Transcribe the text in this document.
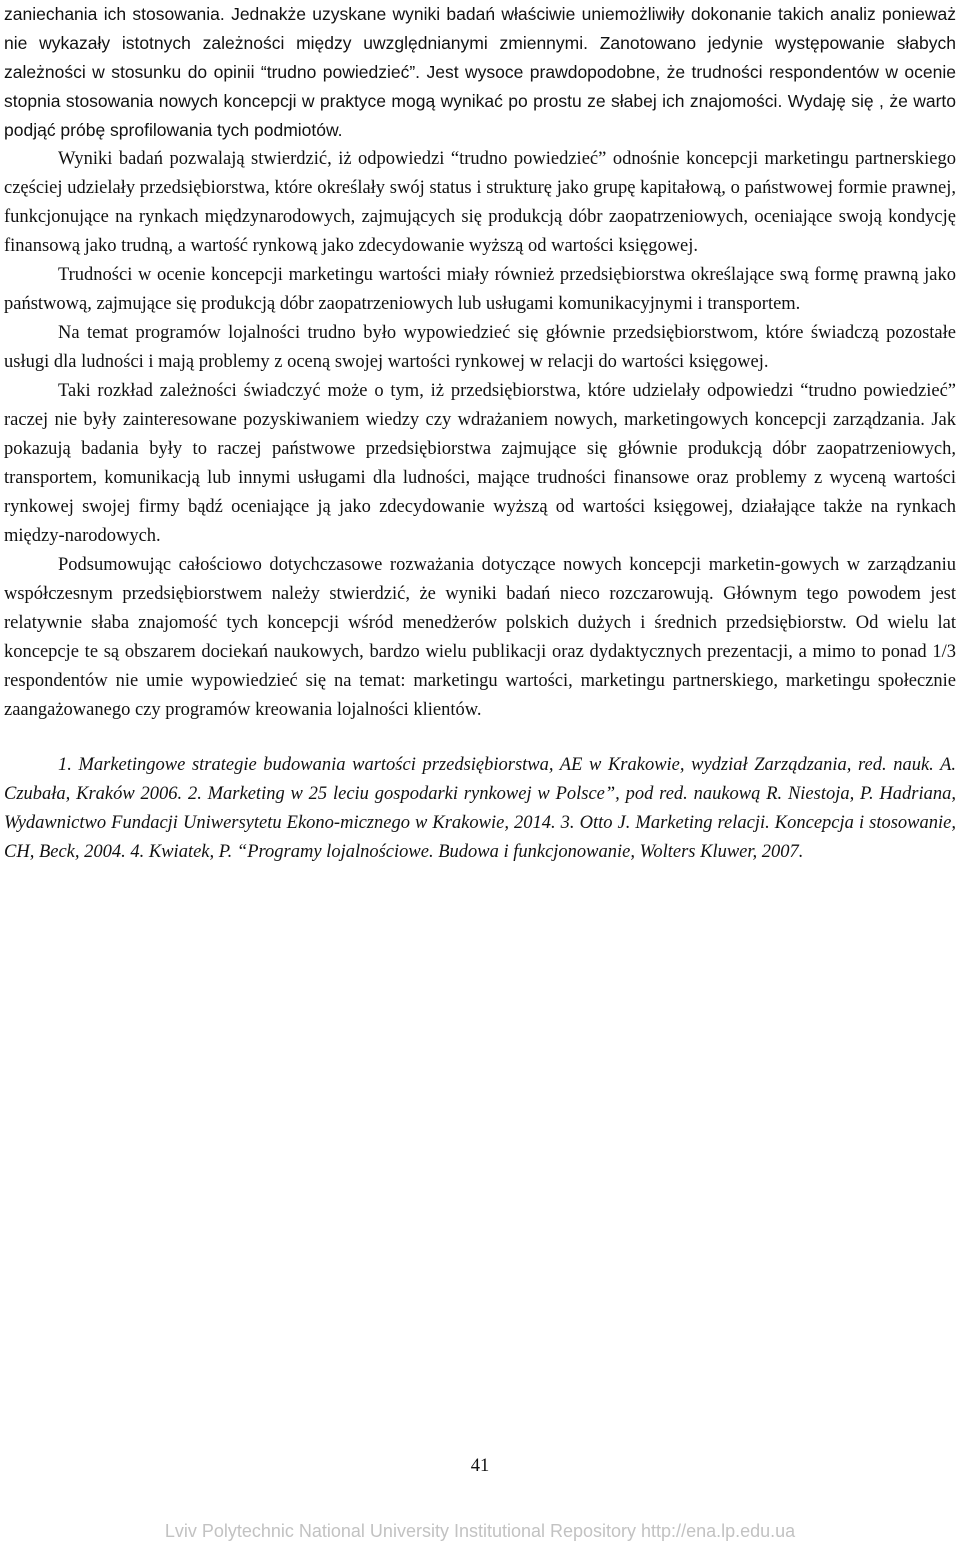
zaniechania ich stosowania. Jednakże uzyskane wyniki badań właściwie uniemożliwiły dokonanie takich analiz ponieważ nie wykazały istotnych zależności między uwzględnianymi zmiennymi. Zanotowano jedynie występowanie słabych zależności w stosunku do opinii “trudno powiedzieć”. Jest wysoce prawdopodobne, że trudności respondentów w ocenie stopnia stosowania nowych koncepcji w praktyce mogą wynikać po prostu ze słabej ich znajomości. Wydaję się , że warto podjąć próbę sprofilowania tych podmiotów.

Wyniki badań pozwalają stwierdzić, iż odpowiedzi “trudno powiedzieć” odnośnie koncepcji marketingu partnerskiego częściej udzielały przedsiębiorstwa, które określały swój status i strukturę jako grupę kapitałową, o państwowej formie prawnej, funkcjonujące na rynkach międzynarodowych, zajmujących się produkcją dóbr zaopatrzeniowych, oceniające swoją kondycję finansową jako trudną, a wartość rynkową jako zdecydowanie wyższą od wartości księgowej.

Trudności w ocenie koncepcji marketingu wartości miały również przedsiębiorstwa określające swą formę prawną jako państwową, zajmujące się produkcją dóbr zaopatrzeniowych lub usługami komunikacyjnymi i transportem.

Na temat programów lojalności trudno było wypowiedzieć się głównie przedsiębiorstwom, które świadczą pozostałe usługi dla ludności i mają problemy z oceną swojej wartości rynkowej w relacji do wartości księgowej.

Taki rozkład zależności świadczyć może o tym, iż przedsiębiorstwa, które udzielały odpowiedzi “trudno powiedzieć” raczej nie były zainteresowane pozyskiwaniem wiedzy czy wdrażaniem nowych, marketingowych koncepcji zarządzania. Jak pokazują badania były to raczej państwowe przedsiębiorstwa zajmujące się głównie produkcją dóbr zaopatrzeniowych, transportem, komunikacją lub innymi usługami dla ludności, mające trudności finansowe oraz problemy z wyceną wartości rynkowej swojej firmy bądź oceniające ją jako zdecydowanie wyższą od wartości księgowej, działające także na rynkach między-narodowych.

Podsumowując całościowo dotychczasowe rozważania dotyczące nowych koncepcji marketin-gowych w zarządzaniu współczesnym przedsiębiorstwem należy stwierdzić, że wyniki badań nieco rozczarowują. Głównym tego powodem jest relatywnie słaba znajomość tych koncepcji wśród menedżerów polskich dużych i średnich przedsiębiorstw. Od wielu lat koncepcje te są obszarem dociekań naukowych, bardzo wielu publikacji oraz dydaktycznych prezentacji, a mimo to ponad 1/3 respondentów nie umie wypowiedzieć się na temat: marketingu wartości, marketingu partnerskiego, marketingu społecznie zaangażowanego czy programów kreowania lojalności klientów.

1. Marketingowe strategie budowania wartości przedsiębiorstwa, AE w Krakowie, wydział Zarządzania, red. nauk. A. Czubała, Kraków 2006. 2. Marketing w 25 leciu gospodarki rynkowej w Polsce”, pod red. naukową R. Niestoja, P. Hadriana, Wydawnictwo Fundacji Uniwersytetu Ekono-micznego w Krakowie, 2014. 3. Otto J. Marketing relacji. Koncepcja i stosowanie, CH, Beck, 2004. 4. Kwiatek, P. “Programy lojalnościowe. Budowa i funkcjonowanie, Wolters Kluwer, 2007.

41
Lviv Polytechnic National University Institutional Repository http://ena.lp.edu.ua
